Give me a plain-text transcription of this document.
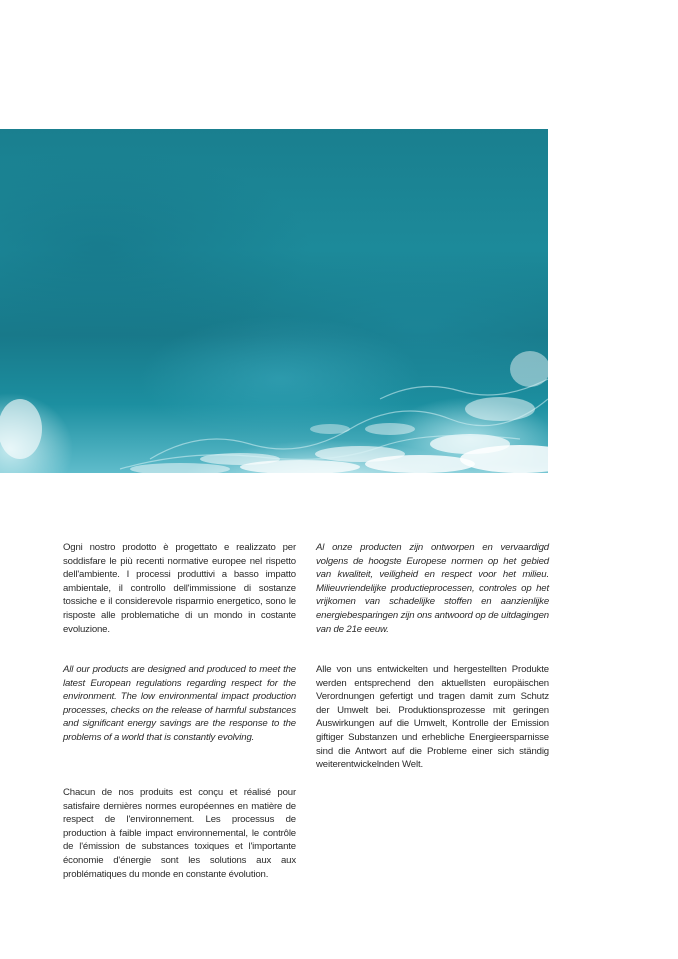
Ogni nostro prodotto è progettato e realizzato per soddisfare le più recenti normative europee nel rispetto dell'ambiente. I processi produttivi a basso impatto ambientale, il controllo dell'immissione di sostanze tossiche e il considerevole risparmio energetico, sono le risposte alle problematiche di un mondo in costante evoluzione.

All our products are designed and produced to meet the latest European regulations regarding respect for the environment. The low environmental impact production processes, checks on the release of harmful substances and significant energy savings are the response to the problems of a world that is constantly evolving.

Chacun de nos produits est conçu et réalisé pour satisfaire dernières normes européennes en matière de respect de l'environnement. Les processus de production à faible impact environnemental, le contrôle de l'émission de substances toxiques et l'importante économie d'énergie sont les solutions aux aux problématiques du monde en constante évolution.

Al onze producten zijn ontworpen en vervaardigd volgens de hoogste Europese normen op het gebied van kwaliteit, veiligheid en respect voor het milieu. Milieuvriendelijke productieprocessen, controles op het vrijkomen van schadelijke stoffen en aanzienlijke energiebesparingen zijn ons antwoord op de uitdagingen van de 21e eeuw.

Alle von uns entwickelten und hergestellten Produkte werden entsprechend den aktuellsten europäischen Verordnungen gefertigt und tragen damit zum Schutz der Umwelt bei. Produktionsprozesse mit geringen Auswirkungen auf die Umwelt, Kontrolle der Emission giftiger Substanzen und erhebliche Energieersparnisse sind die Antwort auf die Probleme einer sich ständig weiterentwickelnden Welt.
